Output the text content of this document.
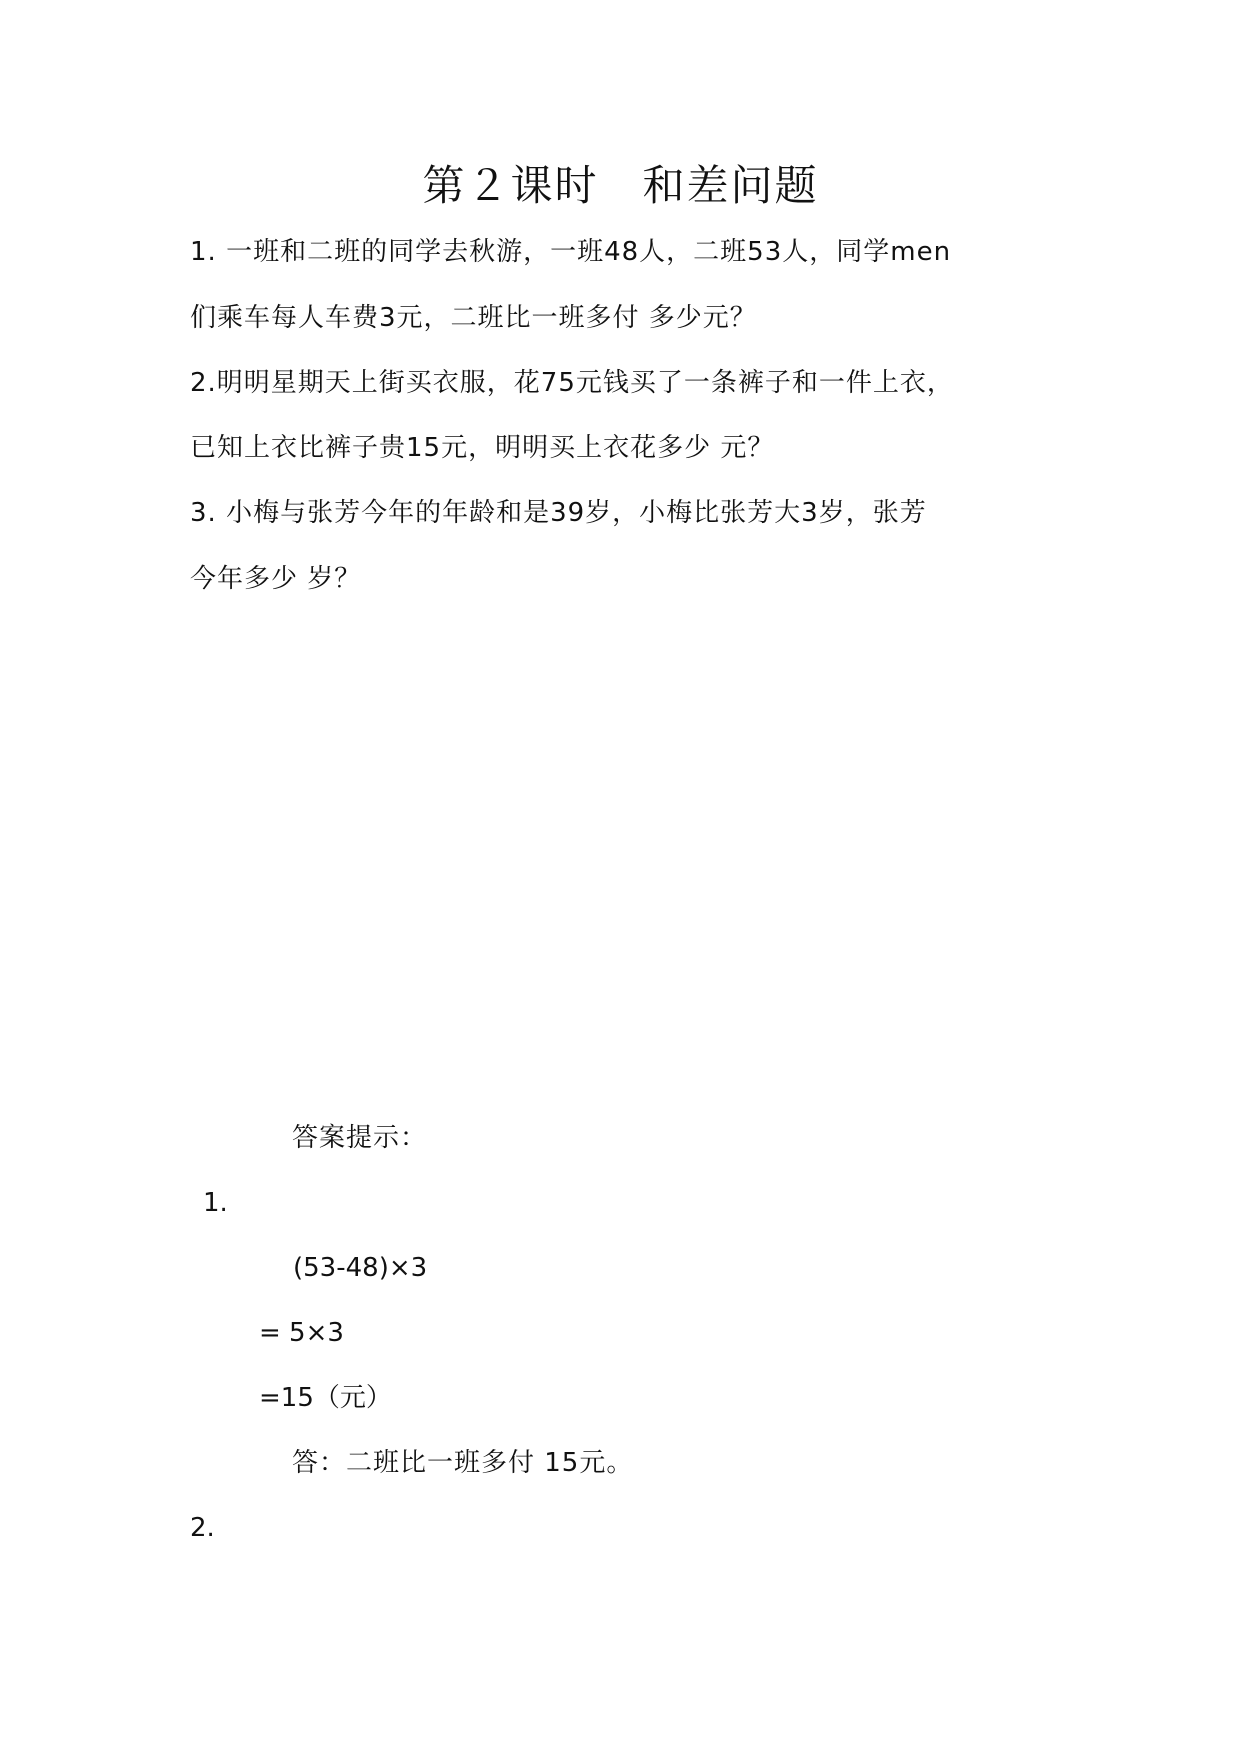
第２课时　和差问题
1. 一班和二班的同学去秋游，一班48人，二班53人，同学men
们乘车每人车费3元，二班比一班多付 多少元？
2.明明星期天上街买衣服，花75元钱买了一条裤子和一件上衣，
已知上衣比裤子贵15元，明明买上衣花多少 元？
3. 小梅与张芳今年的年龄和是39岁，小梅比张芳大3岁，张芳
今年多少 岁？
答案提示：
1.
(53-48)×3
= 5×3
=15（元）
答：二班比一班多付 15元。
2.
